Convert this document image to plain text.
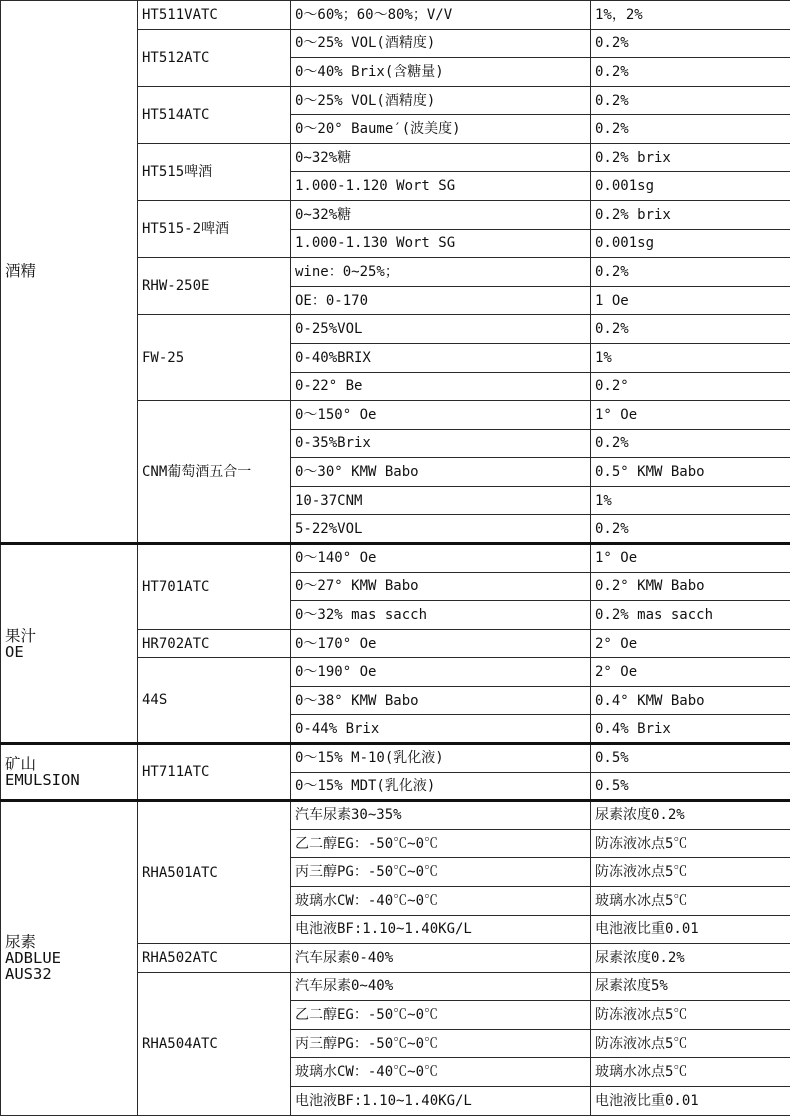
酒精	HT511VATC	0～60%；60～80%；V/V	1%，2%
	HT512ATC	0～25% VOL(酒精度)	0.2%
		0～40% Brix(含糖量)	0.2%
	HT514ATC	0～25% VOL(酒精度)	0.2%
		0～20° Baume′(波美度)	0.2%
	HT515啤酒	0~32%糖	0.2% brix
		1.000-1.120 Wort SG	0.001sg
	HT515-2啤酒	0~32%糖	0.2% brix
		1.000-1.130 Wort SG	0.001sg
	RHW-250E	wine：0~25%；	0.2%
		OE：0-170	1 Oe
	FW-25	0-25%VOL	0.2%
		0-40%BRIX	1%
		0-22° Be	0.2°
	CNM葡萄酒五合一	0～150° Oe	1° Oe
		0-35%Brix	0.2%
		0～30° KMW Babo	0.5° KMW Babo
		10-37CNM	1%
		5-22%VOL	0.2%

果汁
OE	HT701ATC	0～140° Oe	1° Oe
		0～27° KMW Babo	0.2° KMW Babo
		0～32% mas sacch	0.2% mas sacch
	HR702ATC	0～170° Oe	2° Oe
	44S	0～190° Oe	2° Oe
		0～38° KMW Babo	0.4° KMW Babo
		0-44% Brix	0.4% Brix

矿山
EMULSION	HT711ATC	0～15% M-10(乳化液)	0.5%
		0～15% MDT(乳化液)	0.5%

尿素
ADBLUE
AUS32	RHA501ATC	汽车尿素30~35%	尿素浓度0.2%
		乙二醇EG：-50℃~0℃	防冻液冰点5℃
		丙三醇PG：-50℃~0℃	防冻液冰点5℃
		玻璃水CW：-40℃~0℃	玻璃水冰点5℃
		电池液BF:1.10~1.40KG/L	电池液比重0.01
	RHA502ATC	汽车尿素0-40%	尿素浓度0.2%
	RHA504ATC	汽车尿素0~40%	尿素浓度5%
		乙二醇EG：-50℃~0℃	防冻液冰点5℃
		丙三醇PG：-50℃~0℃	防冻液冰点5℃
		玻璃水CW：-40℃~0℃	玻璃水冰点5℃
		电池液BF:1.10~1.40KG/L	电池液比重0.01
